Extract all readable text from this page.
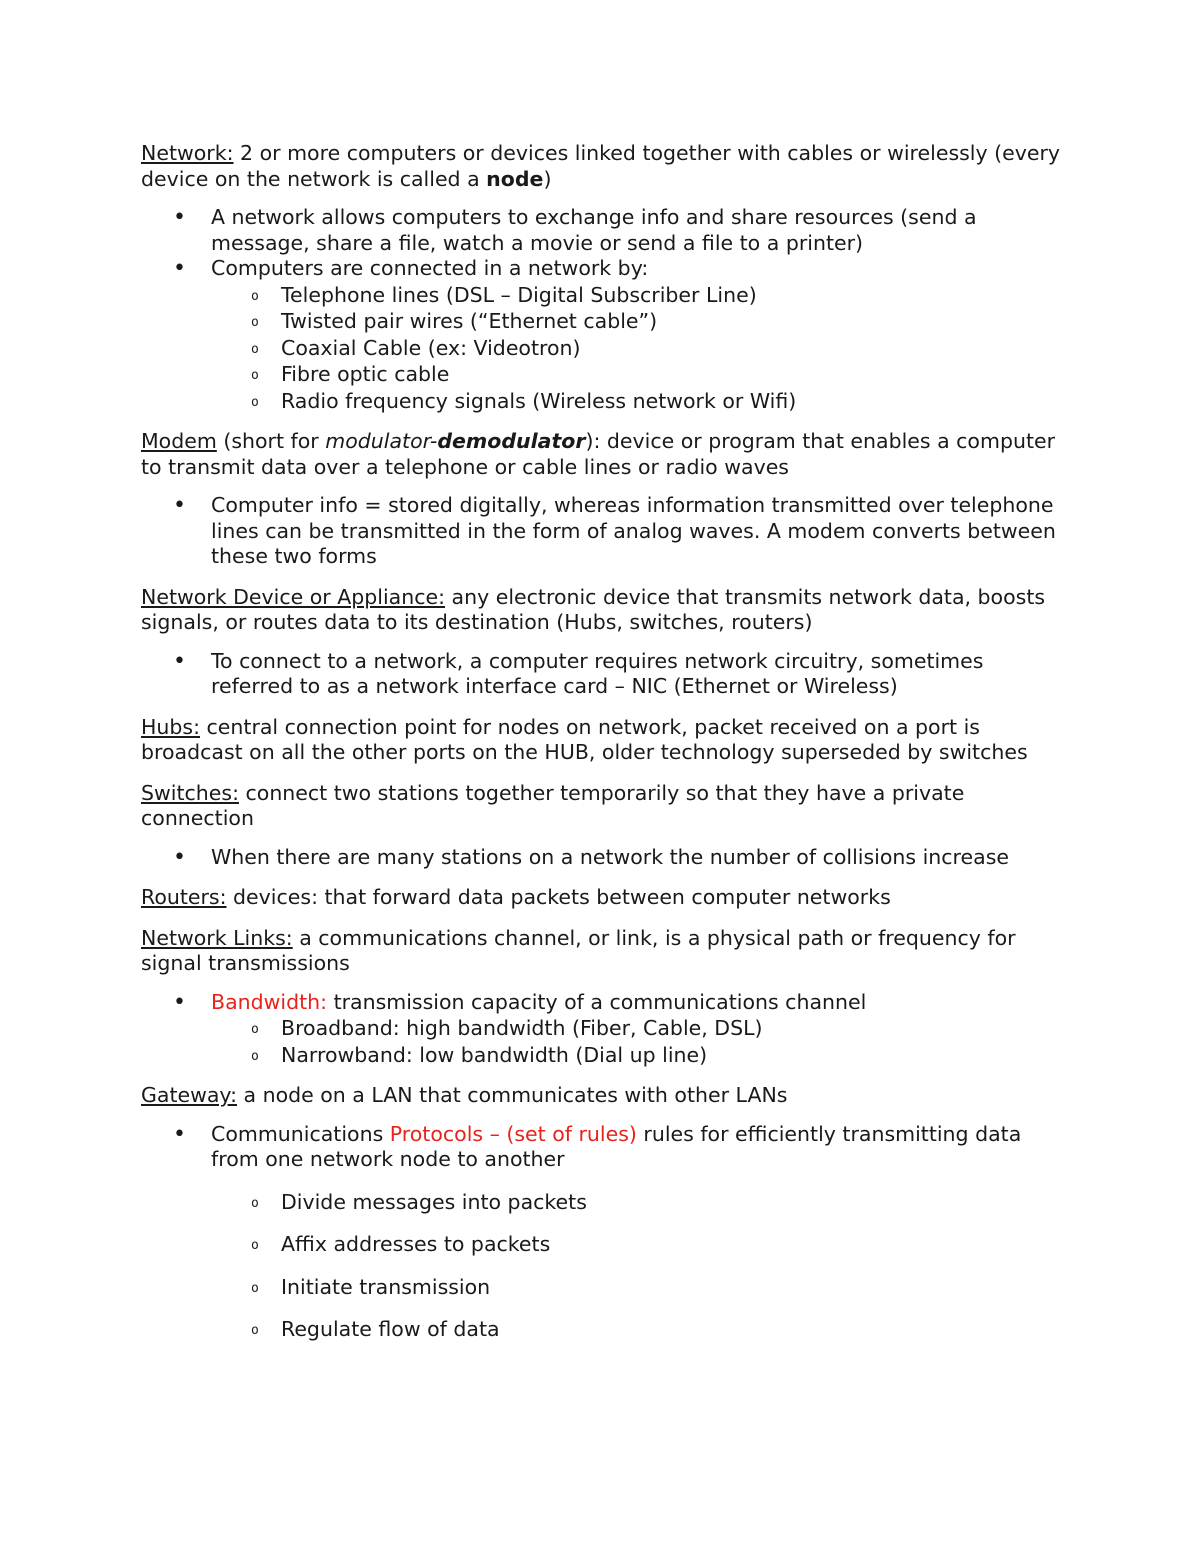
Network: 2 or more computers or devices linked together with cables or wirelessly (every device on the network is called a node)

• A network allows computers to exchange info and share resources (send a message, share a file, watch a movie or send a file to a printer)
• Computers are connected in a network by:
o Telephone lines (DSL – Digital Subscriber Line)
o Twisted pair wires (“Ethernet cable”)
o Coaxial Cable (ex: Videotron)
o Fibre optic cable
o Radio frequency signals (Wireless network or Wifi)

Modem (short for modulator-demodulator): device or program that enables a computer to transmit data over a telephone or cable lines or radio waves

• Computer info = stored digitally, whereas information transmitted over telephone lines can be transmitted in the form of analog waves. A modem converts between these two forms

Network Device or Appliance: any electronic device that transmits network data, boosts signals, or routes data to its destination (Hubs, switches, routers)

• To connect to a network, a computer requires network circuitry, sometimes referred to as a network interface card – NIC (Ethernet or Wireless)

Hubs: central connection point for nodes on network, packet received on a port is broadcast on all the other ports on the HUB, older technology superseded by switches

Switches: connect two stations together temporarily so that they have a private connection

• When there are many stations on a network the number of collisions increase

Routers: devices: that forward data packets between computer networks

Network Links: a communications channel, or link, is a physical path or frequency for signal transmissions

• Bandwidth: transmission capacity of a communications channel
o Broadband: high bandwidth (Fiber, Cable, DSL)
o Narrowband: low bandwidth (Dial up line)

Gateway: a node on a LAN that communicates with other LANs

• Communications Protocols – (set of rules) rules for efficiently transmitting data from one network node to another
o Divide messages into packets
o Affix addresses to packets
o Initiate transmission
o Regulate flow of data
